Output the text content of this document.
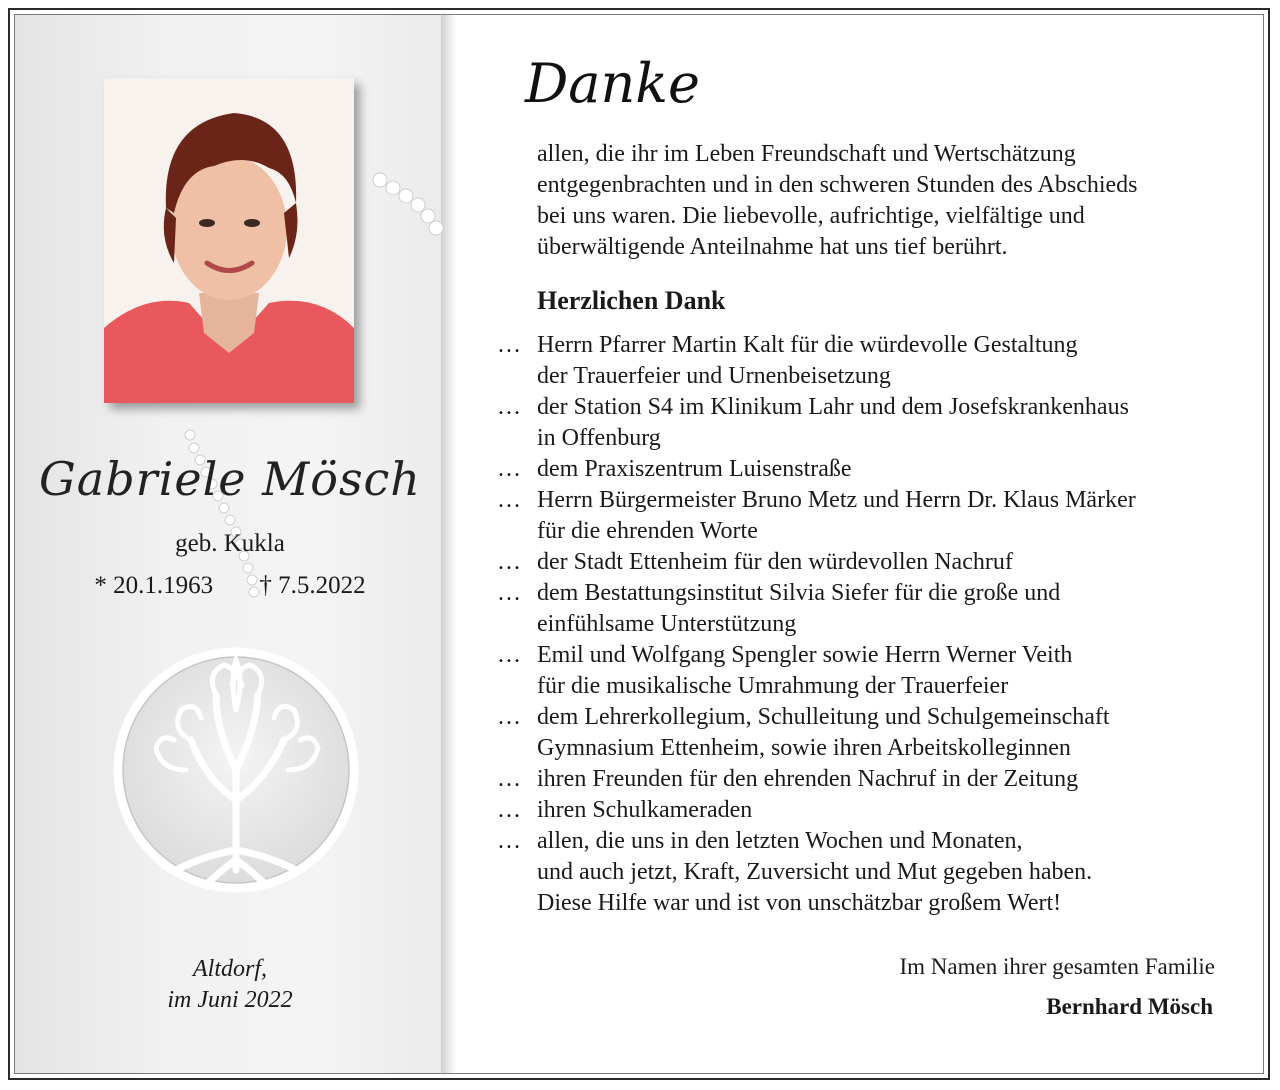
Gabriele Mösch
geb. Kukla
* 20.1.1963 † 7.5.2022
Altdorf,
im Juni 2022
Danke
allen, die ihr im Leben Freundschaft und Wertschätzung
entgegenbrachten und in den schweren Stunden des Abschieds
bei uns waren. Die liebevolle, aufrichtige, vielfältige und
überwältigende Anteilnahme hat uns tief berührt.
Herzlichen Dank
… Herrn Pfarrer Martin Kalt für die würdevolle Gestaltung
der Trauerfeier und Urnenbeisetzung
… der Station S4 im Klinikum Lahr und dem Josefskrankenhaus
in Offenburg
… dem Praxiszentrum Luisenstraße
… Herrn Bürgermeister Bruno Metz und Herrn Dr. Klaus Märker
für die ehrenden Worte
… der Stadt Ettenheim für den würdevollen Nachruf
… dem Bestattungsinstitut Silvia Siefer für die große und
einfühlsame Unterstützung
… Emil und Wolfgang Spengler sowie Herrn Werner Veith
für die musikalische Umrahmung der Trauerfeier
… dem Lehrerkollegium, Schulleitung und Schulgemeinschaft
Gymnasium Ettenheim, sowie ihren Arbeitskolleginnen
… ihren Freunden für den ehrenden Nachruf in der Zeitung
… ihren Schulkameraden
… allen, die uns in den letzten Wochen und Monaten,
und auch jetzt, Kraft, Zuversicht und Mut gegeben haben.
Diese Hilfe war und ist von unschätzbar großem Wert!
Im Namen ihrer gesamten Familie
Bernhard Mösch
